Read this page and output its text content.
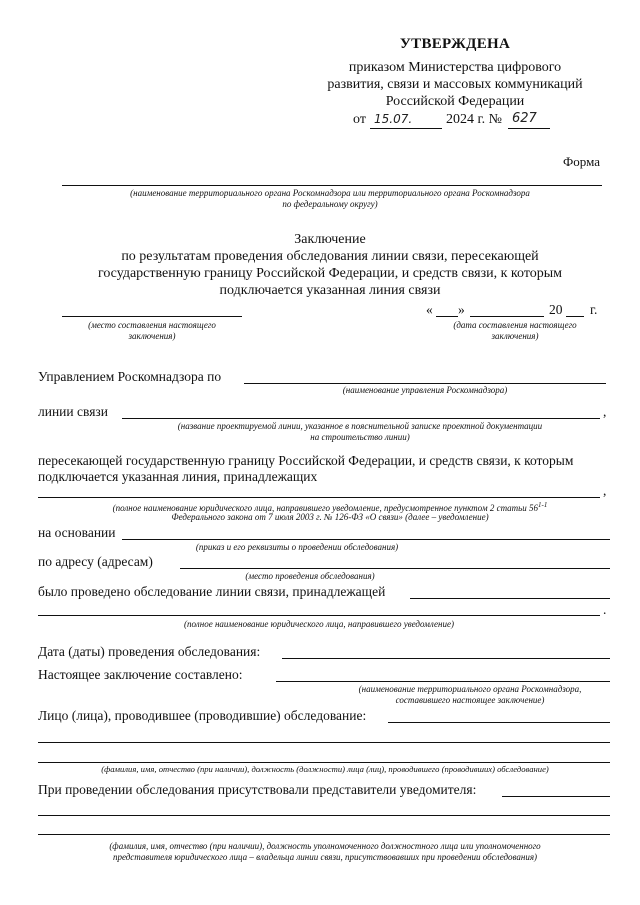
УТВЕРЖДЕНА
приказом Министерства цифрового
развития, связи и массовых коммуникаций
Российской Федерации
от 15.07. 2024 г. № 627
Форма
(наименование территориального органа Роскомнадзора или территориального органа Роскомнадзора
по федеральному округу)
Заключение
по результатам проведения обследования линии связи, пересекающей
государственную границу Российской Федерации, и средств связи, к которым
подключается указанная линия связи
(место составления настоящего
заключения)
« »	20 г.
(дата составления настоящего
заключения)
Управлением Роскомнадзора по
(наименование управления Роскомнадзора)
линии связи	,
(название проектируемой линии, указанное в пояснительной записке проектной документации
на строительство линии)
пересекающей государственную границу Российской Федерации, и средств связи, к которым
подключается указанная линия, принадлежащих
,
(полное наименование юридического лица, направившего уведомление, предусмотренное пунктом 2 статьи 56$^{1-1}$
Федерального закона от 7 июля 2003 г. № 126-ФЗ «О связи» (далее – уведомление)
на основании
(приказ и его реквизиты о проведении обследования)
по адресу (адресам)
(место проведения обследования)
было проведено обследование линии связи, принадлежащей
.
(полное наименование юридического лица, направившего уведомление)
Дата (даты) проведения обследования:
Настоящее заключение составлено:
(наименование территориального органа Роскомнадзора,
составившего настоящее заключение)
Лицо (лица), проводившее (проводившие) обследование:
(фамилия, имя, отчество (при наличии), должность (должности) лица (лиц), проводившего (проводивших) обследование)
При проведении обследования присутствовали представители уведомителя:
(фамилия, имя, отчество (при наличии), должность уполномоченного должностного лица или уполномоченного
представителя юридического лица – владельца линии связи, присутствовавших при проведении обследования)
